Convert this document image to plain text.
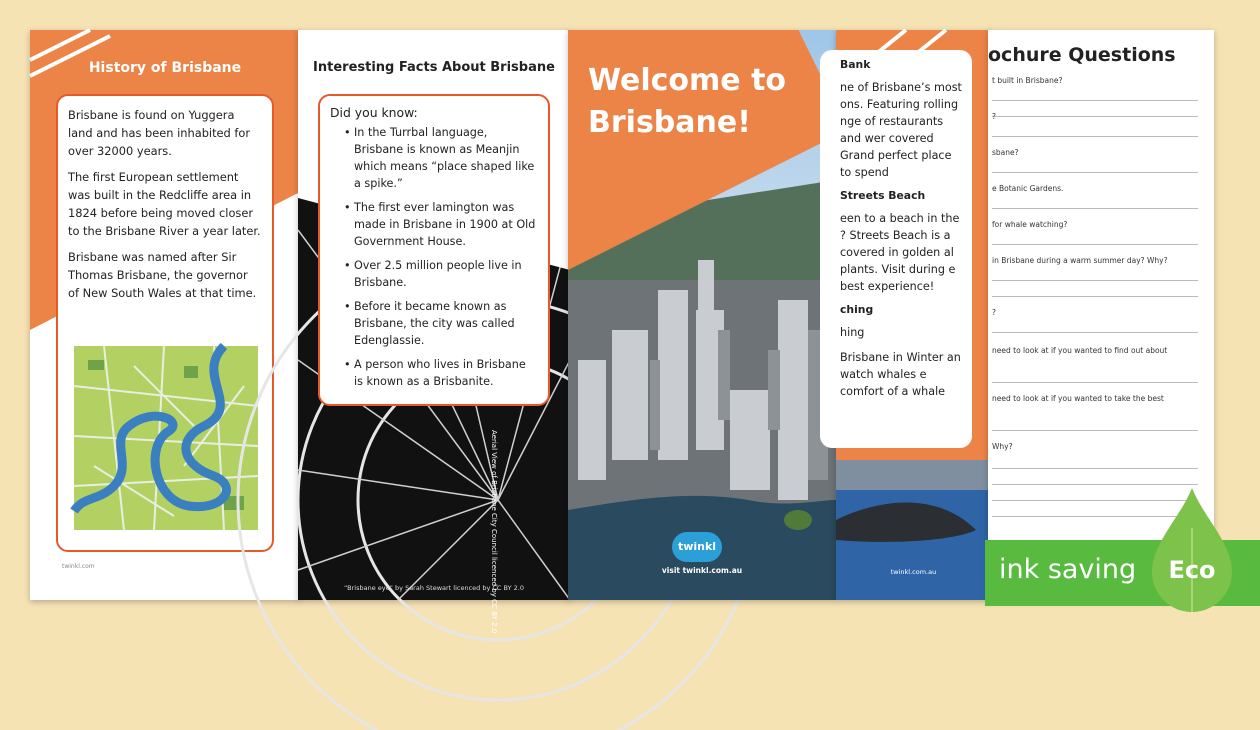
History of Brisbane

Brisbane is found on Yuggera land and has been inhabited for over 32000 years.

The first European settlement was built in the Redcliffe area in 1824 before being moved closer to the Brisbane River a year later.

Brisbane was named after Sir Thomas Brisbane, the governor of New South Wales at that time.

twinkl.com
Interesting Facts About Brisbane
Did you know:
• In the Turrbal language, Brisbane is known as Meanjin which means “place shaped like a spike.”
• The first ever lamington was made in Brisbane in 1900 at Old Government House.
• Over 2.5 million people live in Brisbane.
• Before it became known as Brisbane, the city was called Edenglassie.
• A person who lives in Brisbane is known as a Brisbanite.
“Brisbane eye” by Sarah Stewart licenced by CC BY 2.0
Welcome to Brisbane!
Aerial View of Brisbane City Council licenced by CC BY 2.0	twinkl
visit twinkl.com.au
Bank
ne of Brisbane’s most ons. Featuring rolling nge of restaurants and wer covered Grand perfect place to spend
Streets Beach
een to a beach in the ? Streets Beach is a covered in golden al plants. Visit during e best experience!
ching
hing
Brisbane in Winter an watch whales e comfort of a whale
twinkl.com.au
ochure Questions
t built in Brisbane?
?
sbane?
e Botanic Gardens.
for whale watching?
in Brisbane during a warm summer day? Why?
?
need to look at if you wanted to find out about
need to look at if you wanted to take the best
Why?
ink saving	Eco
